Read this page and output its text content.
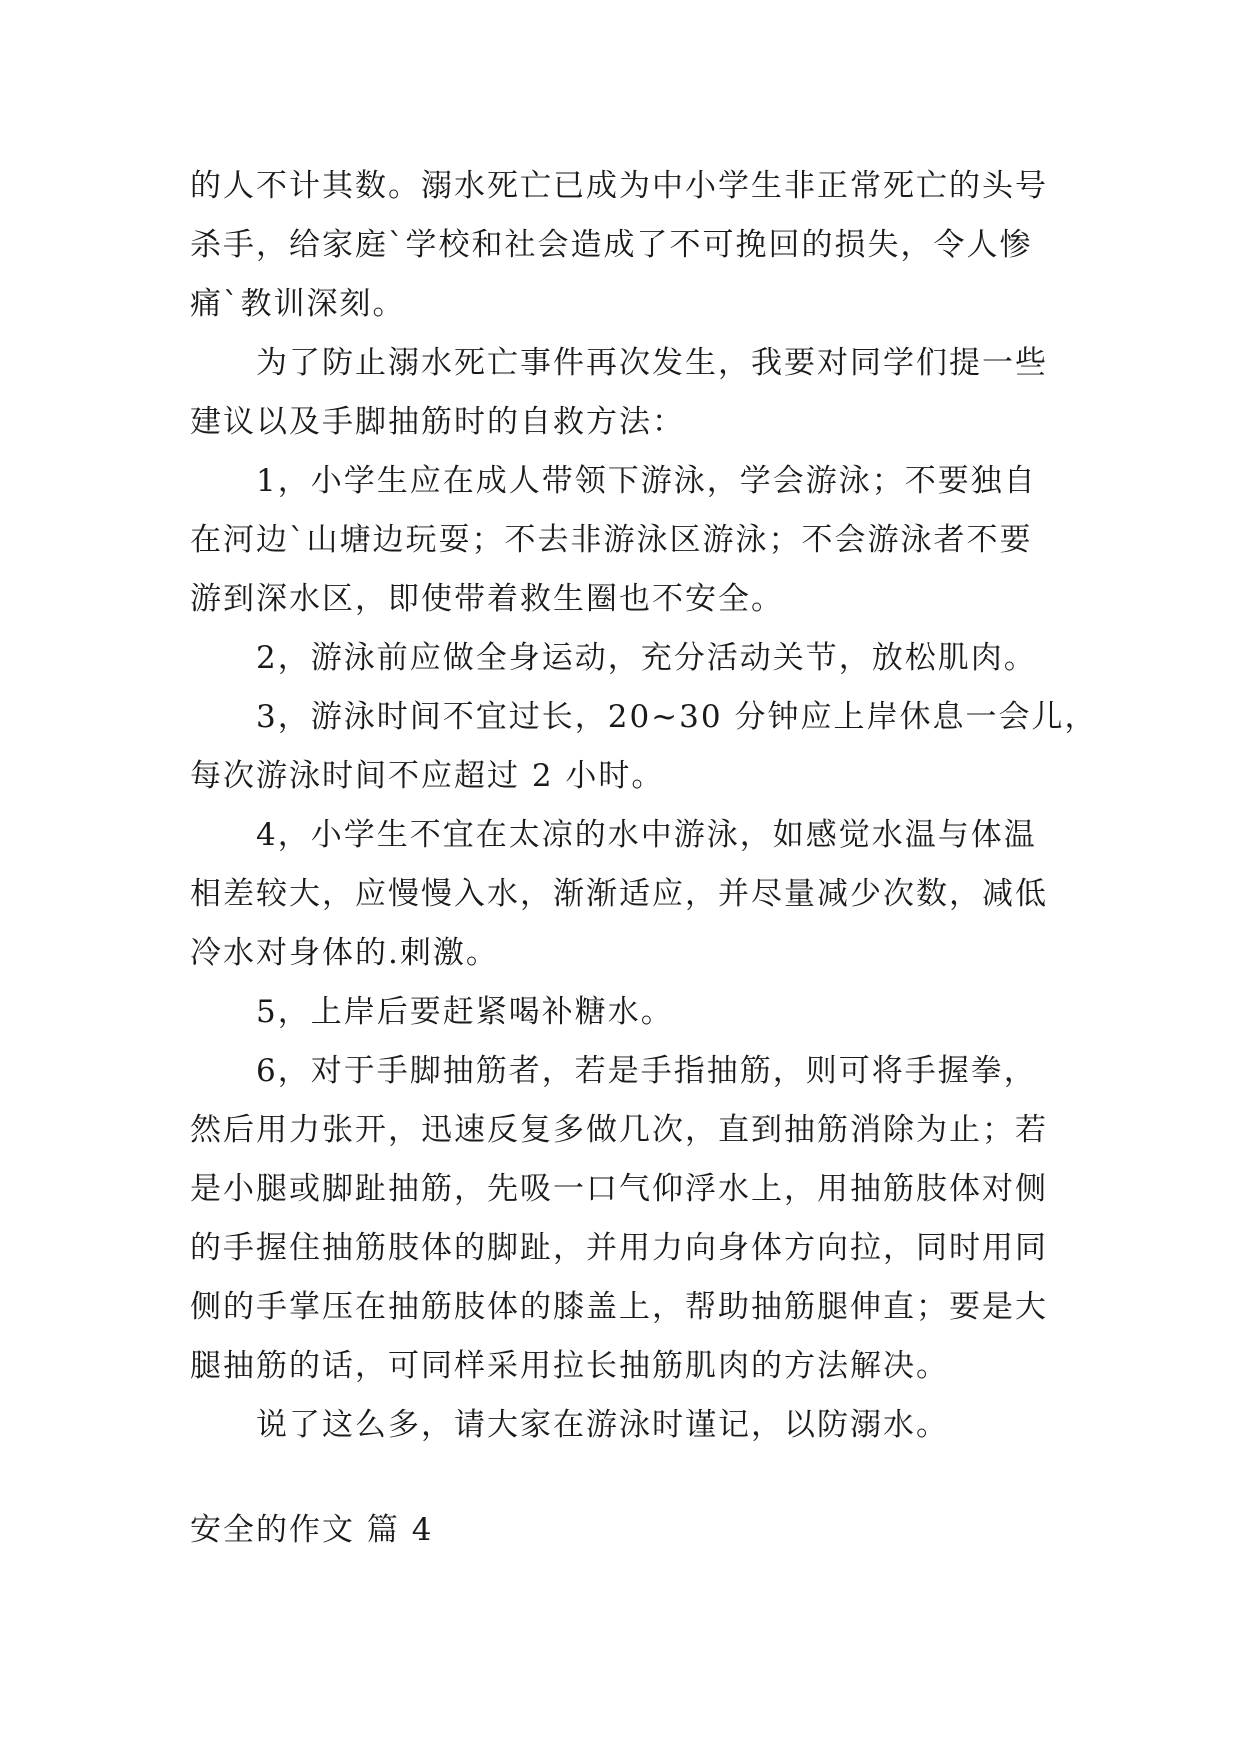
的人不计其数。溺水死亡已成为中小学生非正常死亡的头号
杀手，给家庭`学校和社会造成了不可挽回的损失，令人惨
痛`教训深刻。
为了防止溺水死亡事件再次发生，我要对同学们提一些
建议以及手脚抽筋时的自救方法：
1，小学生应在成人带领下游泳，学会游泳；不要独自
在河边`山塘边玩耍；不去非游泳区游泳；不会游泳者不要
游到深水区，即使带着救生圈也不安全。
2，游泳前应做全身运动，充分活动关节，放松肌肉。
3，游泳时间不宜过长，20~30 分钟应上岸休息一会儿，
每次游泳时间不应超过 2 小时。
4，小学生不宜在太凉的水中游泳，如感觉水温与体温
相差较大，应慢慢入水，渐渐适应，并尽量减少次数，减低
冷水对身体的.刺激。
5，上岸后要赶紧喝补糖水。
6，对于手脚抽筋者，若是手指抽筋，则可将手握拳，
然后用力张开，迅速反复多做几次，直到抽筋消除为止；若
是小腿或脚趾抽筋，先吸一口气仰浮水上，用抽筋肢体对侧
的手握住抽筋肢体的脚趾，并用力向身体方向拉，同时用同
侧的手掌压在抽筋肢体的膝盖上，帮助抽筋腿伸直；要是大
腿抽筋的话，可同样采用拉长抽筋肌肉的方法解决。
说了这么多，请大家在游泳时谨记，以防溺水。
安全的作文 篇 4
